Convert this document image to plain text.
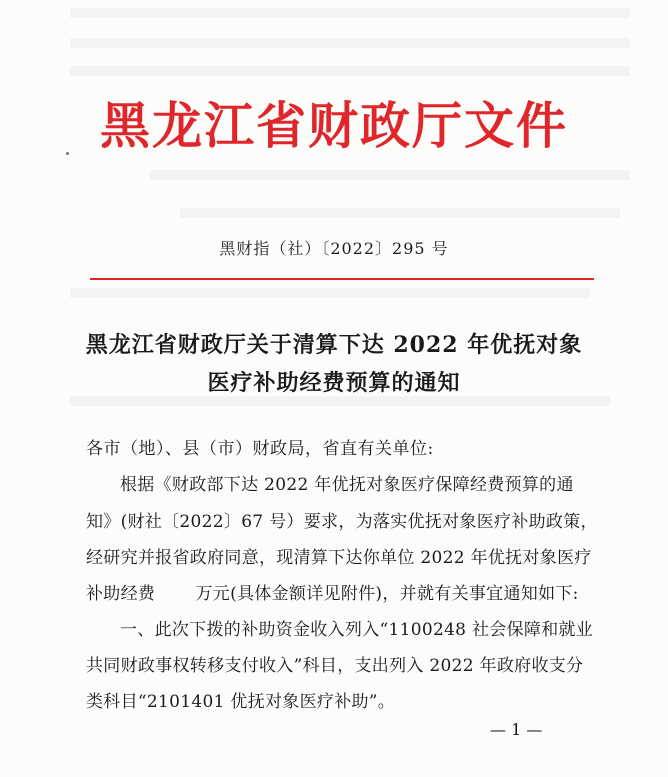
黑龙江省财政厅文件
黑财指（社）〔2022〕295 号
黑龙江省财政厅关于清算下达 2022 年优抚对象
医疗补助经费预算的通知
各市（地）、县（市）财政局，省直有关单位:
根据《财政部下达 2022 年优抚对象医疗保障经费预算的通
知》(财社〔2022〕67 号）要求，为落实优抚对象医疗补助政策，
经研究并报省政府同意，现清算下达你单位 2022 年优抚对象医疗
补助经费　　 万元(具体金额详见附件)，并就有关事宜通知如下:
一、此次下拨的补助资金收入列入“1100248 社会保障和就业
共同财政事权转移支付收入”科目，支出列入 2022 年政府收支分
类科目“2101401 优抚对象医疗补助”。
— 1 —
